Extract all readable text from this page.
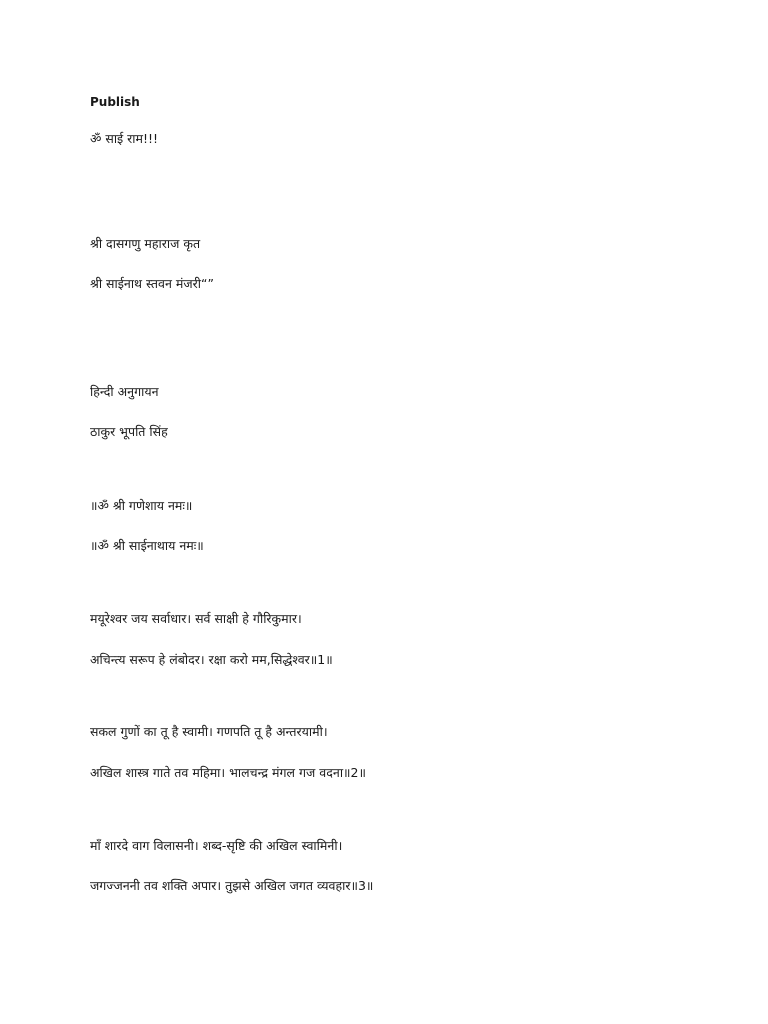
Publish
ॐ साई राम!!!
श्री दासगणु महाराज कृत
श्री साईनाथ स्तवन मंजरी“”
हिन्दी अनुगायन
ठाकुर भूपति सिंह
॥ॐ श्री गणेशाय नमः॥
॥ॐ श्री साईनाथाय नमः॥
मयूरेश्वर जय सर्वाधार। सर्व साक्षी हे गौरिकुमार।
अचिन्त्य सरूप हे लंबोदर। रक्षा करो मम,सिद्धेश्वर॥1॥
सकल गुणों का तू है स्वामी। गणपति तू है अन्तरयामी।
अखिल शास्त्र गाते तव महिमा। भालचन्द्र मंगल गज वदना॥2॥
माँ शारदे वाग विलासनी। शब्द-सृष्टि की अखिल स्वामिनी।
जगज्जननी तव शक्ति अपार। तुझसे अखिल जगत व्यवहार॥3॥
